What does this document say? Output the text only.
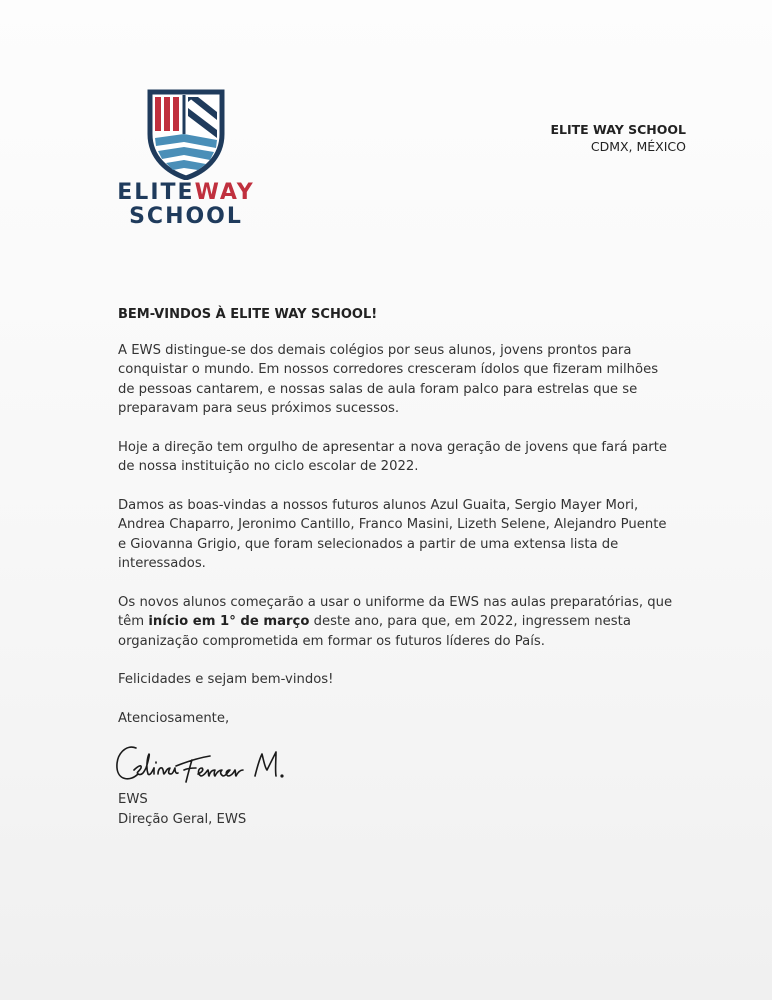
ELITEWAY
SCHOOL
ELITE WAY SCHOOL
CDMX, MÉXICO

BEM-VINDOS À ELITE WAY SCHOOL!

A EWS distingue-se dos demais colégios por seus alunos, jovens prontos para conquistar o mundo. Em nossos corredores cresceram ídolos que fizeram milhões de pessoas cantarem, e nossas salas de aula foram palco para estrelas que se preparavam para seus próximos sucessos.

Hoje a direção tem orgulho de apresentar a nova geração de jovens que fará parte de nossa instituição no ciclo escolar de 2022.

Damos as boas-vindas a nossos futuros alunos Azul Guaita, Sergio Mayer Mori, Andrea Chaparro, Jeronimo Cantillo, Franco Masini, Lizeth Selene, Alejandro Puente e Giovanna Grigio, que foram selecionados a partir de uma extensa lista de interessados.

Os novos alunos começarão a usar o uniforme da EWS nas aulas preparatórias, que têm início em 1° de março deste ano, para que, em 2022, ingressem nesta organização comprometida em formar os futuros líderes do País.

Felicidades e sejam bem-vindos!

Atenciosamente,

EWS
Direção Geral, EWS
